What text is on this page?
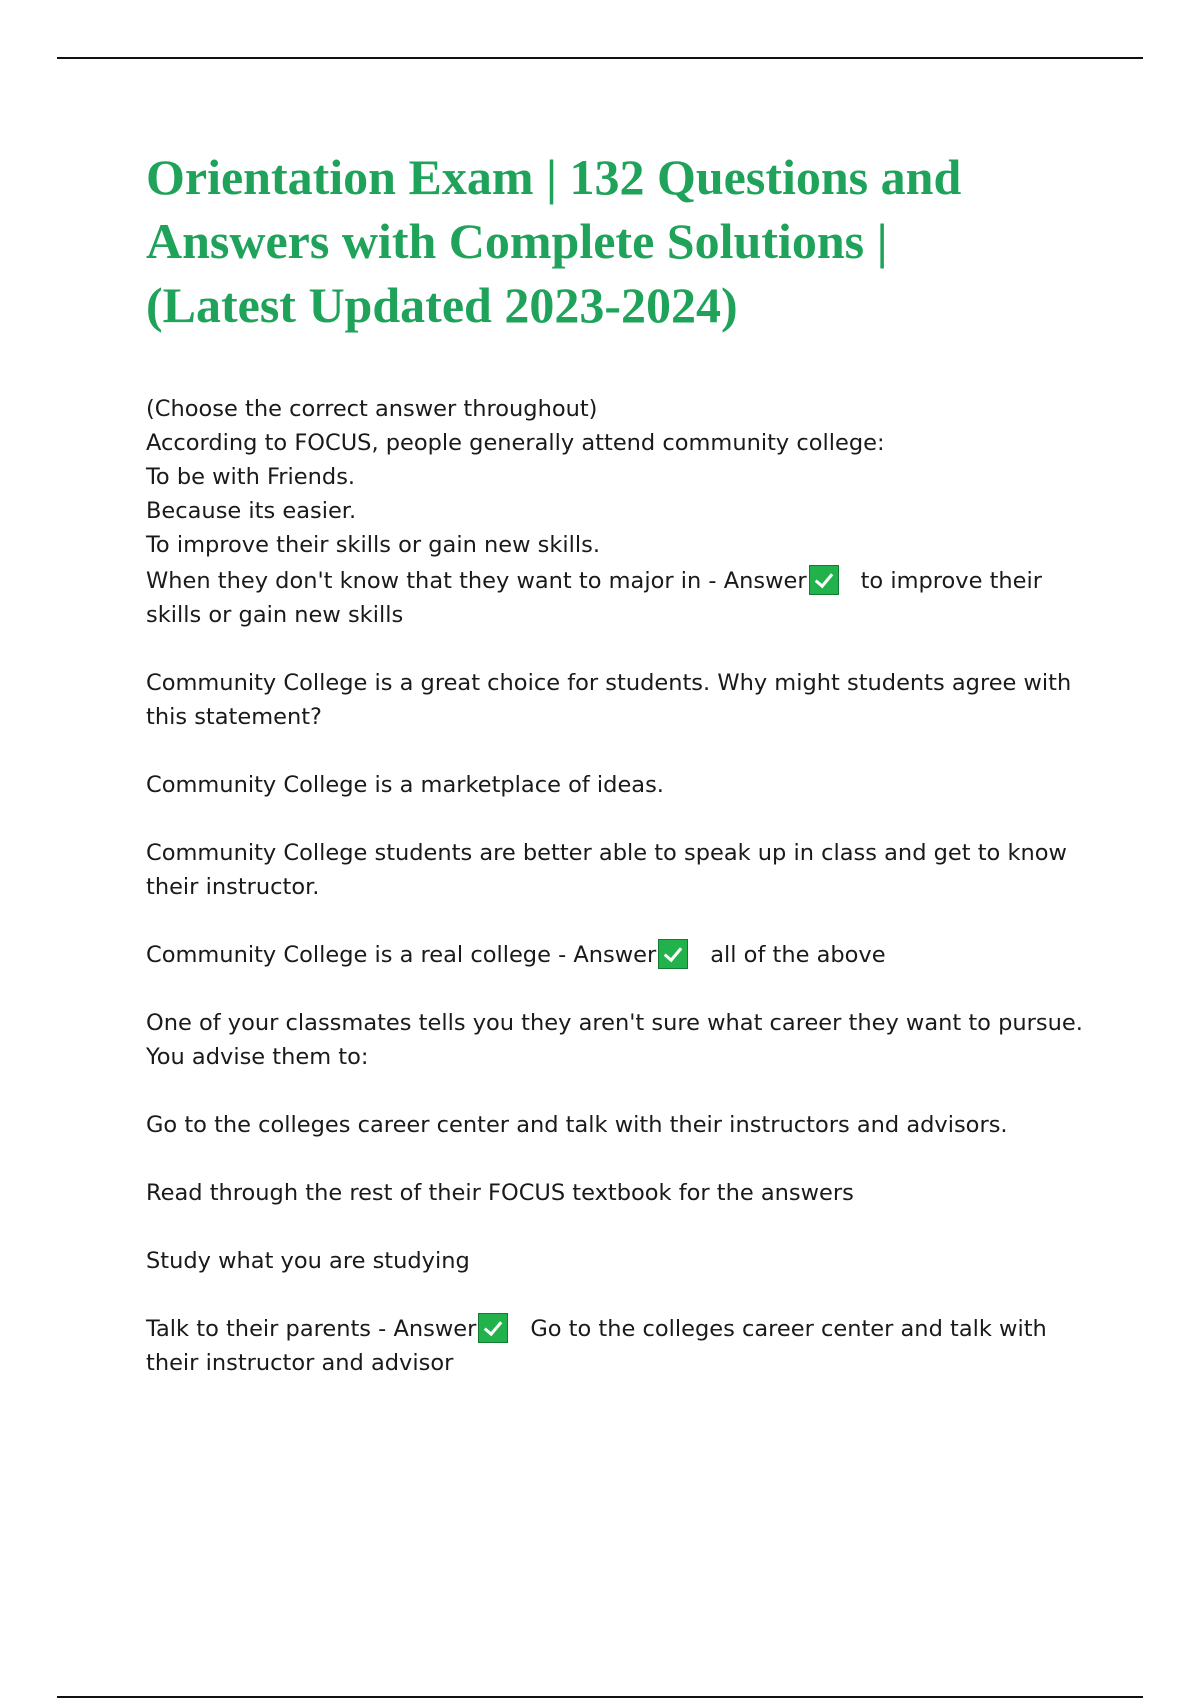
Orientation Exam | 132 Questions and
Answers with Complete Solutions |
(Latest Updated 2023-2024)

(Choose the correct answer throughout)

According to FOCUS, people generally attend community college:

To be with Friends.

Because its easier.

To improve their skills or gain new skills.

When they don't know that they want to major in - Answer to improve their

skills or gain new skills

Community College is a great choice for students. Why might students agree with

this statement?

Community College is a marketplace of ideas.

Community College students are better able to speak up in class and get to know

their instructor.

Community College is a real college - Answer all of the above

One of your classmates tells you they aren't sure what career they want to pursue.

You advise them to:

Go to the colleges career center and talk with their instructors and advisors.

Read through the rest of their FOCUS textbook for the answers

Study what you are studying

Talk to their parents - Answer Go to the colleges career center and talk with

their instructor and advisor
